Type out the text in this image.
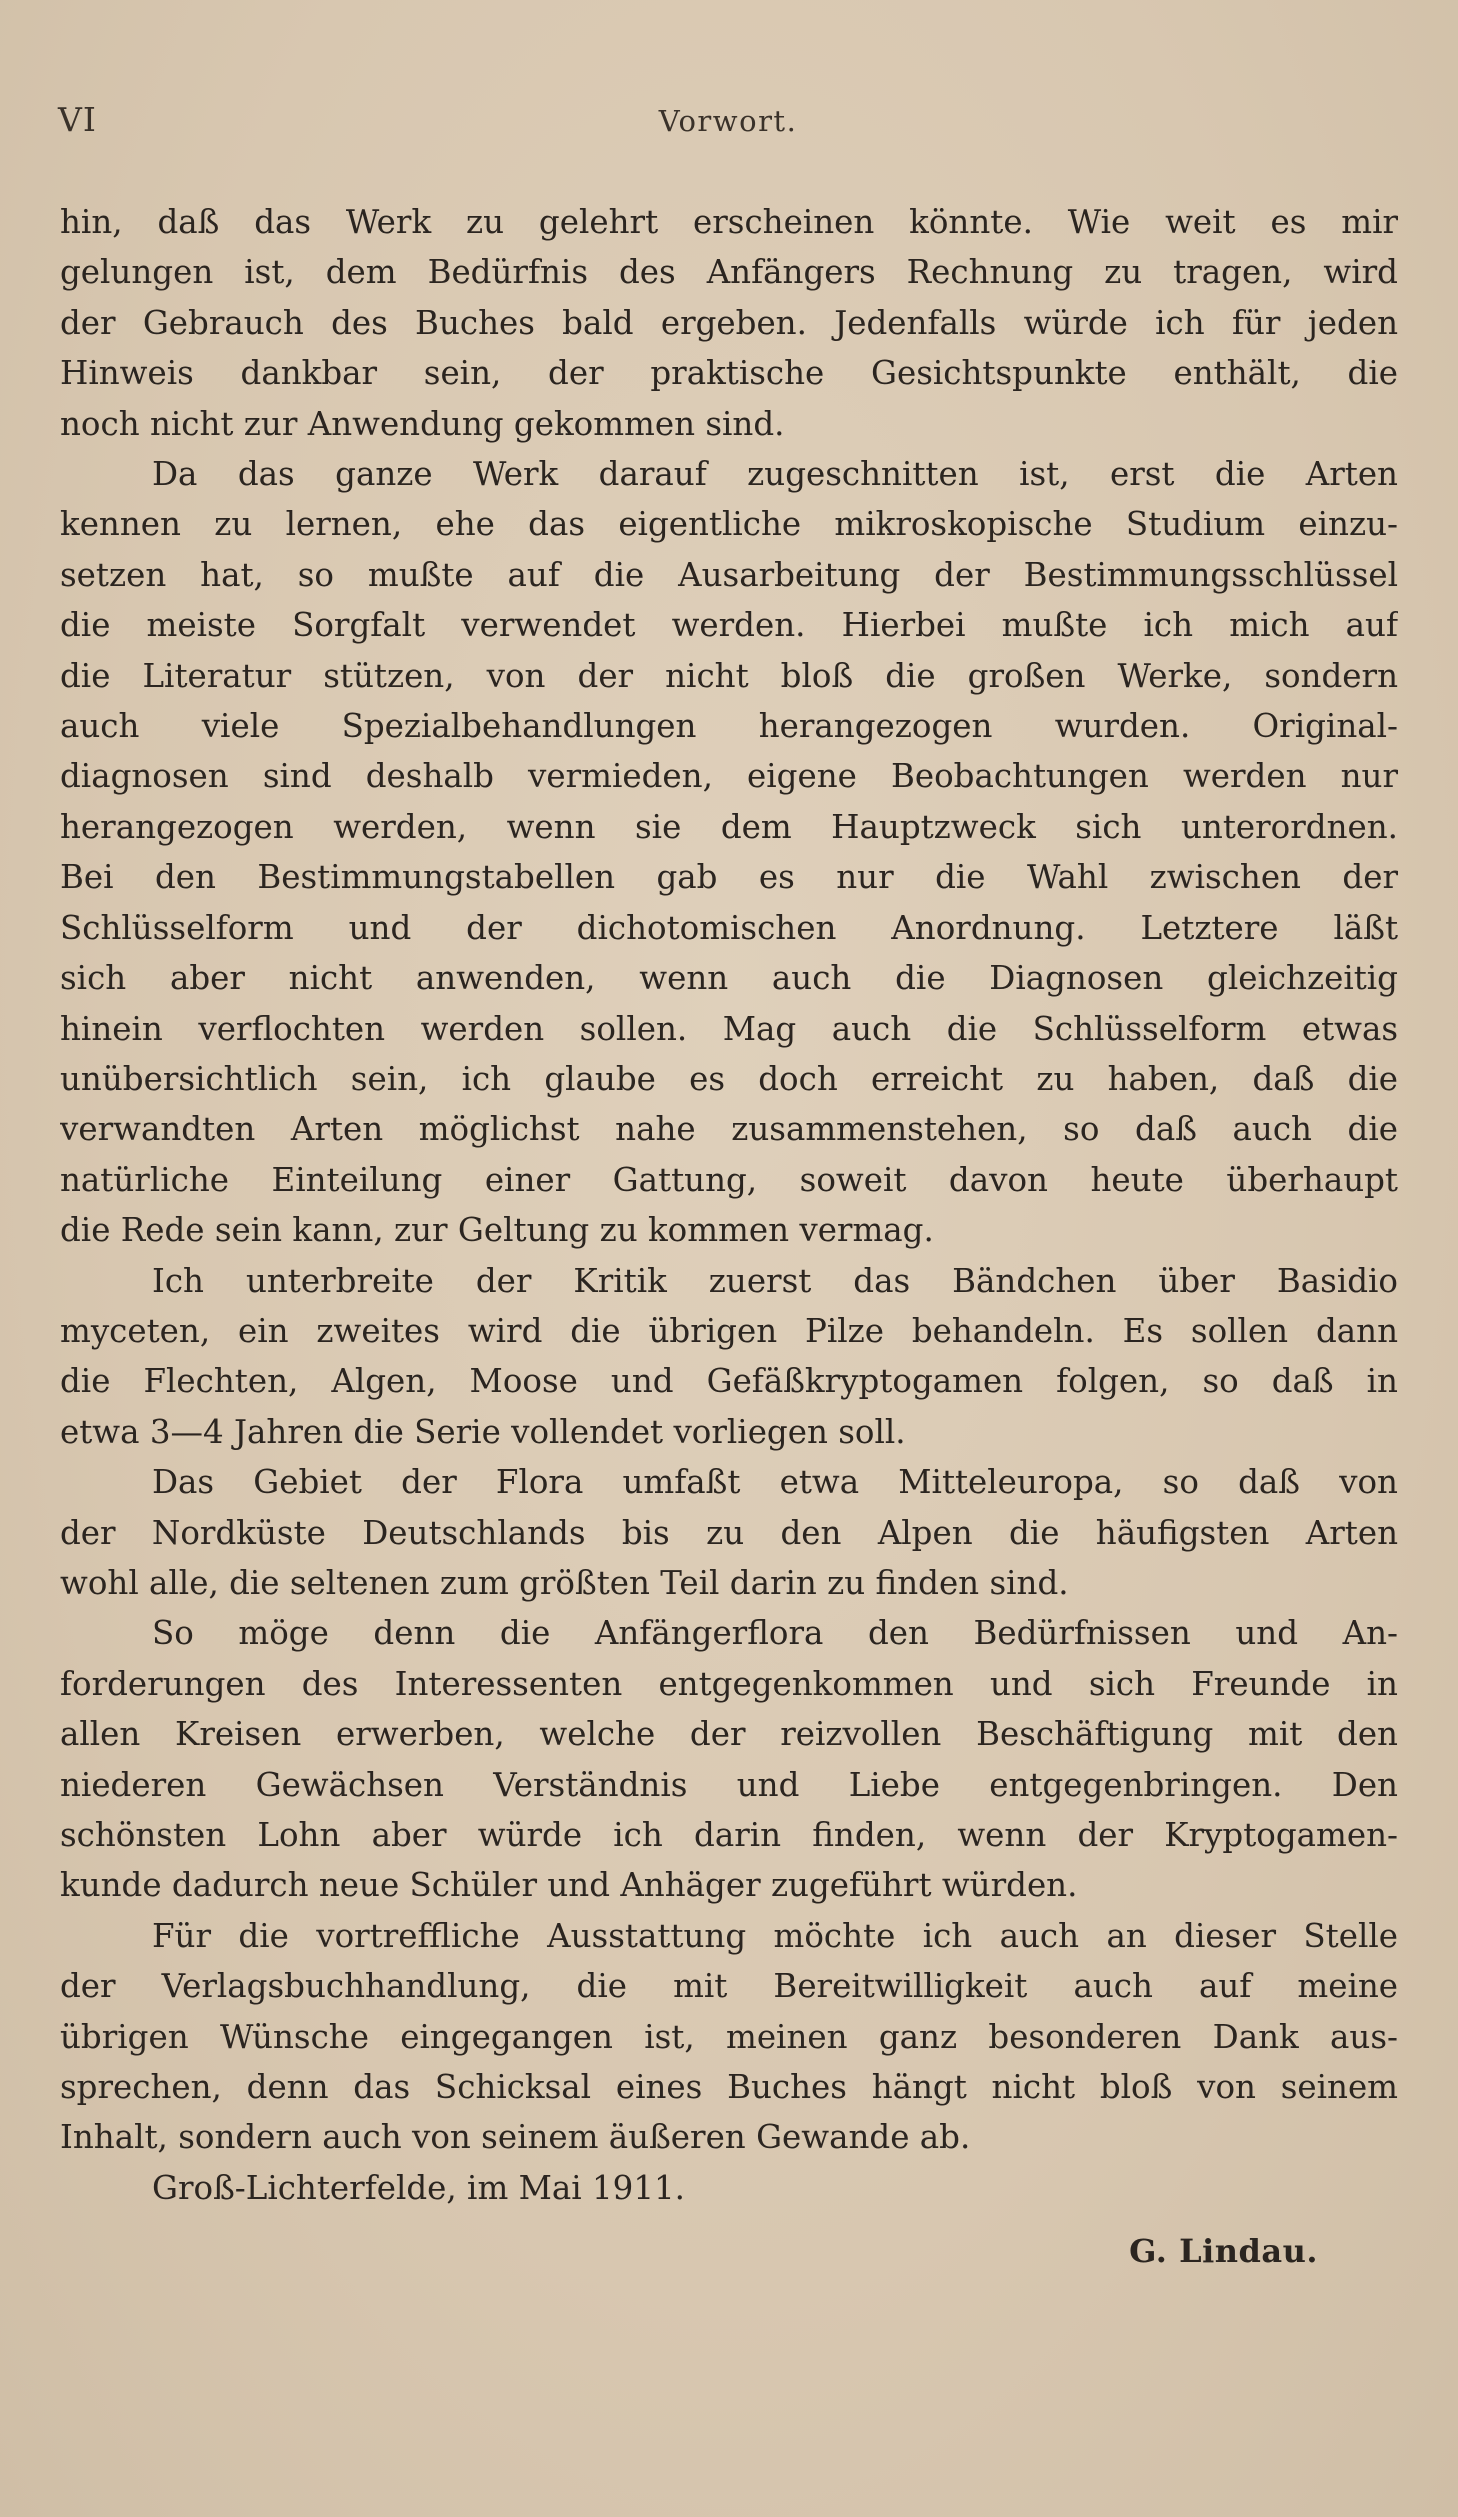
VI	Vorwort.

hin, daß das Werk zu gelehrt erscheinen könnte. Wie weit es mir
gelungen ist, dem Bedürfnis des Anfängers Rechnung zu tragen, wird
der Gebrauch des Buches bald ergeben. Jedenfalls würde ich für jeden
Hinweis dankbar sein, der praktische Gesichtspunkte enthält, die
noch nicht zur Anwendung gekommen sind.

Da das ganze Werk darauf zugeschnitten ist, erst die Arten
kennen zu lernen, ehe das eigentliche mikroskopische Studium einzu-
setzen hat, so mußte auf die Ausarbeitung der Bestimmungsschlüssel
die meiste Sorgfalt verwendet werden. Hierbei mußte ich mich auf
die Literatur stützen, von der nicht bloß die großen Werke, sondern
auch viele Spezialbehandlungen herangezogen wurden. Original-
diagnosen sind deshalb vermieden, eigene Beobachtungen werden nur
herangezogen werden, wenn sie dem Hauptzweck sich unterordnen.
Bei den Bestimmungstabellen gab es nur die Wahl zwischen der
Schlüsselform und der dichotomischen Anordnung. Letztere läßt
sich aber nicht anwenden, wenn auch die Diagnosen gleichzeitig
hinein verflochten werden sollen. Mag auch die Schlüsselform etwas
unübersichtlich sein, ich glaube es doch erreicht zu haben, daß die
verwandten Arten möglichst nahe zusammenstehen, so daß auch die
natürliche Einteilung einer Gattung, soweit davon heute überhaupt
die Rede sein kann, zur Geltung zu kommen vermag.

Ich unterbreite der Kritik zuerst das Bändchen über Basidio
myceten, ein zweites wird die übrigen Pilze behandeln. Es sollen dann
die Flechten, Algen, Moose und Gefäßkryptogamen folgen, so daß in
etwa 3—4 Jahren die Serie vollendet vorliegen soll.

Das Gebiet der Flora umfaßt etwa Mitteleuropa, so daß von
der Nordküste Deutschlands bis zu den Alpen die häufigsten Arten
wohl alle, die seltenen zum größten Teil darin zu finden sind.

So möge denn die Anfängerflora den Bedürfnissen und An-
forderungen des Interessenten entgegenkommen und sich Freunde in
allen Kreisen erwerben, welche der reizvollen Beschäftigung mit den
niederen Gewächsen Verständnis und Liebe entgegenbringen. Den
schönsten Lohn aber würde ich darin finden, wenn der Kryptogamen-
kunde dadurch neue Schüler und Anhäger zugeführt würden.

Für die vortreffliche Ausstattung möchte ich auch an dieser Stelle
der Verlagsbuchhandlung, die mit Bereitwilligkeit auch auf meine
übrigen Wünsche eingegangen ist, meinen ganz besonderen Dank aus-
sprechen, denn das Schicksal eines Buches hängt nicht bloß von seinem
Inhalt, sondern auch von seinem äußeren Gewande ab.

Groß-Lichterfelde, im Mai 1911.

G. Lindau.
